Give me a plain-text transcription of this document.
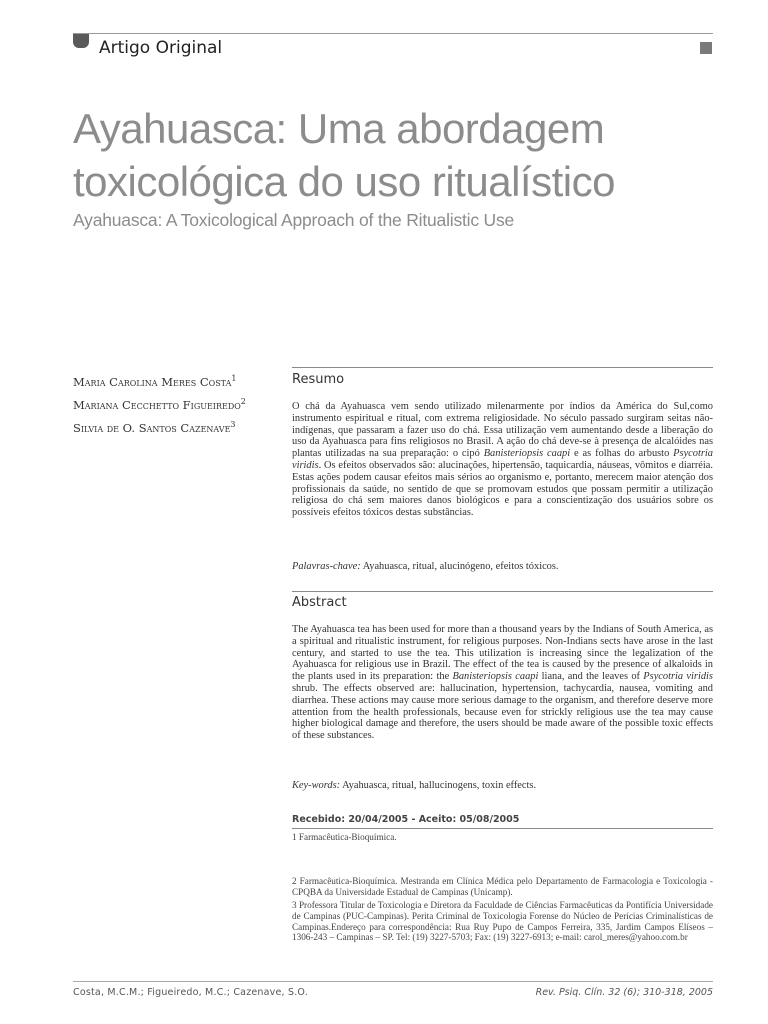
Artigo Original
Ayahuasca: Uma abordagem
toxicológica do uso ritualístico
Ayahuasca: A Toxicological Approach of the Ritualistic Use
Maria Carolina Meres Costa$^1$
Mariana Cecchetto Figueiredo$^2$
Silvia de O. Santos Cazenave$^3$
Resumo
O chá da Ayahuasca vem sendo utilizado milenarmente por índios da América do Sul,como instrumento espiritual e ritual, com extrema religiosidade. No século passado surgiram seitas não-indígenas, que passaram a fazer uso do chá. Essa utilização vem aumentando desde a liberação do uso da Ayahuasca para fins religiosos no Brasil. A ação do chá deve-se à presença de alcalóides nas plantas utilizadas na sua preparação: o cipó Banisteriopsis caapi e as folhas do arbusto Psycotria viridis. Os efeitos observados são: alucinações, hipertensão, taquicardia, náuseas, vômitos e diarréia. Estas ações podem causar efeitos mais sérios ao organismo e, portanto, merecem maior atenção dos profissionais da saúde, no sentido de que se promovam estudos que possam permitir a utilização religiosa do chá sem maiores danos biológicos e para a conscientização dos usuários sobre os possíveis efeitos tóxicos destas substâncias.
Palavras-chave: Ayahuasca, ritual, alucinógeno, efeitos tóxicos.
Abstract
The Ayahuasca tea has been used for more than a thousand years by the Indians of South America, as a spiritual and ritualistic instrument, for religious purposes. Non-Indians sects have arose in the last century, and started to use the tea. This utilization is increasing since the legalization of the Ayahuasca for religious use in Brazil. The effect of the tea is caused by the presence of alkaloids in the plants used in its preparation: the Banisteriopsis caapi liana, and the leaves of Psycotria viridis shrub. The effects observed are: hallucination, hypertension, tachycardia, nausea, vomiting and diarrhea. These actions may cause more serious damage to the organism, and therefore deserve more attention from the health professionals, because even for strickly religious use the tea may cause higher biological damage and therefore, the users should be made aware of the possible toxic effects of these substances.
Key-words: Ayahuasca, ritual, hallucinogens, toxin effects.
Recebido: 20/04/2005 - Aceito: 05/08/2005
1 Farmacêutica-Bioquímica.
2 Farmacêutica-Bioquímica. Mestranda em Clínica Médica pelo Departamento de Farmacologia e Toxicologia - CPQBA da Universidade Estadual de Campinas (Unicamp).
3 Professora Titular de Toxicologia e Diretora da Faculdade de Ciências Farmacêuticas da Pontifícia Universidade de Campinas (PUC-Campinas). Perita Criminal de Toxicologia Forense do Núcleo de Perícias Criminalísticas de Campinas.Endereço para correspondência: Rua Ruy Pupo de Campos Ferreira, 335, Jardim Campos Elíseos – 1306-243 – Campinas – SP. Tel: (19) 3227-5703; Fax: (19) 3227-6913; e-mail: carol_meres@yahoo.com.br
Costa, M.C.M.; Figueiredo, M.C.; Cazenave, S.O.	Rev. Psiq. Clín. 32 (6); 310-318, 2005
